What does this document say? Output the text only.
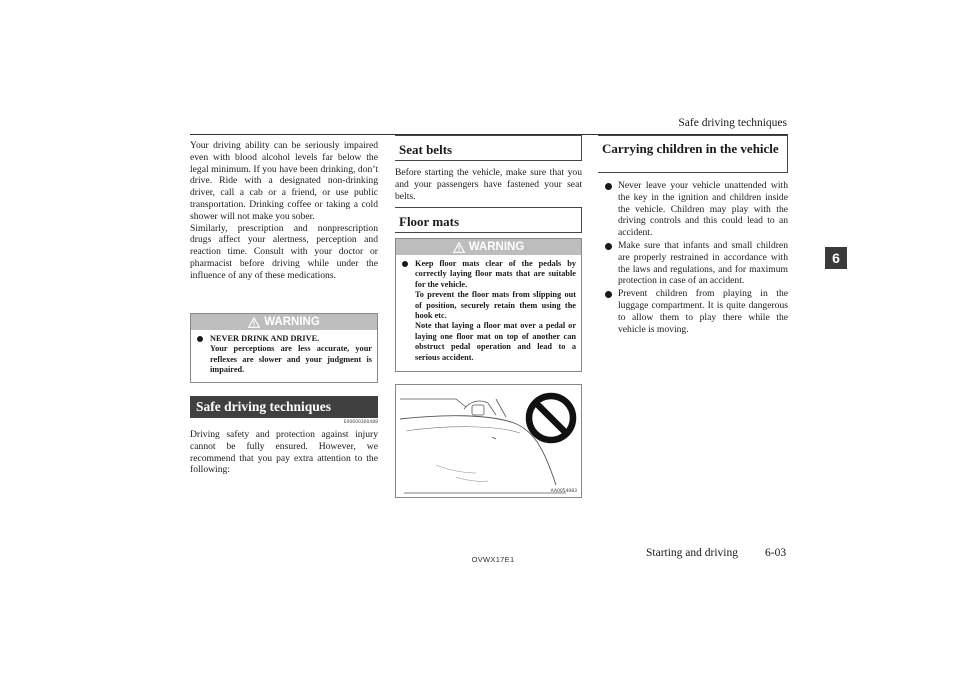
Safe driving techniques
6

Your driving ability can be seriously impaired even with blood alcohol levels far below the legal minimum. If you have been drinking, don’t drive. Ride with a designated non-drinking driver, call a cab or a friend, or use public transportation. Drinking coffee or taking a cold shower will not make you sober.

Similarly, prescription and nonprescription drugs affect your alertness, perception and reaction time. Consult with your doctor or pharmacist before driving while under the influence of any of these medications.

WARNING
NEVER DRINK AND DRIVE.
Your perceptions are less accurate, your reflexes are slower and your judgment is impaired.
Safe driving techniques
E00600300488
Driving safety and protection against injury cannot be fully ensured. However, we recommend that you pay extra attention to the following:
Seat belts
Before starting the vehicle, make sure that you and your passengers have fastened your seat belts.
Floor mats
WARNING
Keep floor mats clear of the pedals by correctly laying floor mats that are suitable for the vehicle.
To prevent the floor mats from slipping out of position, securely retain them using the hook etc.
Note that laying a floor mat over a pedal or laying one floor mat on top of another can obstruct pedal operation and lead to a serious accident.
AA0054083
Carrying children in the vehicle
Never leave your vehicle unattended with the key in the ignition and children inside the vehicle. Children may play with the driving controls and this could lead to an accident.
Make sure that infants and small children are properly restrained in accordance with the laws and regulations, and for maximum protection in case of an accident.
Prevent children from playing in the luggage compartment. It is quite dangerous to allow them to play there while the vehicle is moving.
OVWX17E1
Starting and driving 6-03
